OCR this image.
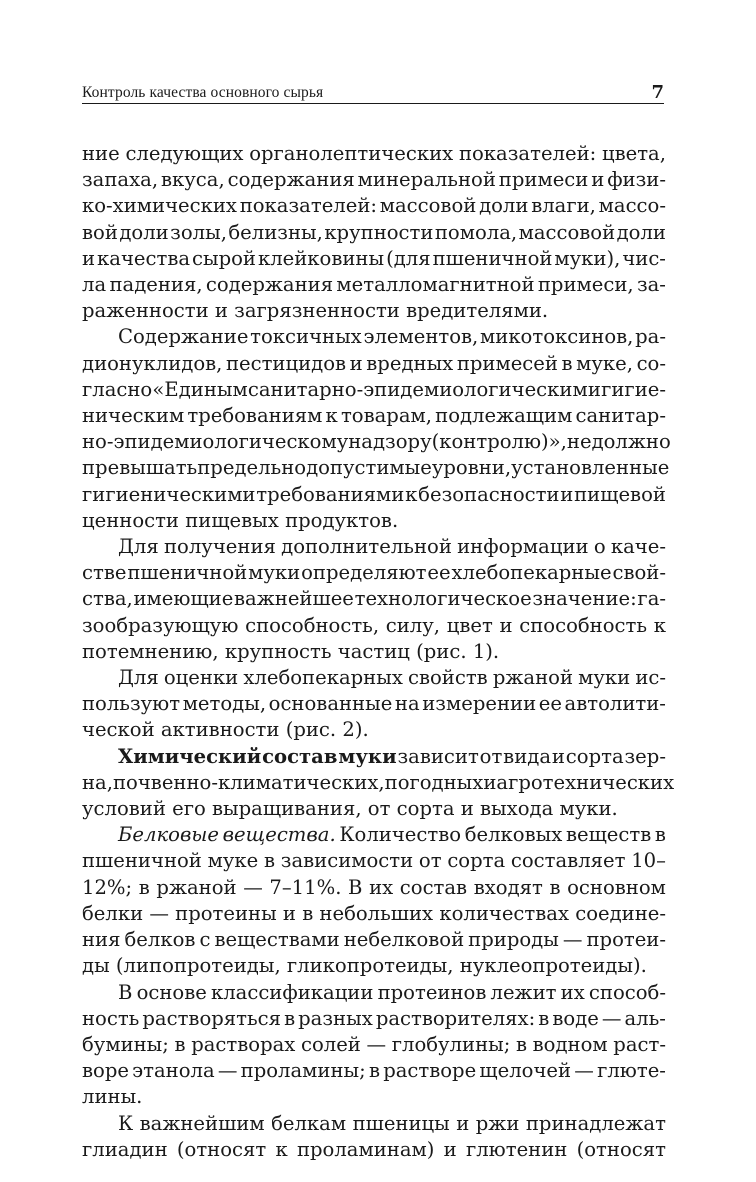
Контроль качества основного сырья	7
ние следующих органолептических показателей: цвета,
запаха, вкуса, содержания минеральной примеси и физи-
ко-химических показателей: массовой доли влаги, массо-
вой доли золы, белизны, крупности помола, массовой доли
и качества сырой клейковины (для пшеничной муки), чис-
ла падения, содержания металломагнитной примеси, за-
раженности и загрязненности вредителями.
Содержание токсичных элементов, микотоксинов, ра-
дионуклидов, пестицидов и вредных примесей в муке, со-
гласно «Единым санитарно-эпидемиологическим и гигие-
ническим требованиям к товарам, подлежащим санитар-
но-эпидемиологическому надзору (контролю)», не должно
превышать предельно допустимые уровни, установленные
гигиеническими требованиями к безопасности и пищевой
ценности пищевых продуктов.
Для получения дополнительной информации о каче-
стве пшеничной муки определяют ее хлебопекарные свой-
ства, имеющие важнейшее технологическое значение: га-
зообразующую способность, силу, цвет и способность к
потемнению, крупность частиц (рис. 1).
Для оценки хлебопекарных свойств ржаной муки ис-
пользуют методы, основанные на измерении ее автолити-
ческой активности (рис. 2).
Химический состав муки зависит от вида и сорта зер-
на, почвенно-климатических, погодных и агротехнических
условий его выращивания, от сорта и выхода муки.
Белковые вещества. Количество белковых веществ в
пшеничной муке в зависимости от сорта составляет 10–
12%; в ржаной — 7–11%. В их состав входят в основном
белки — протеины и в небольших количествах соедине-
ния белков с веществами небелковой природы — протеи-
ды (липопротеиды, гликопротеиды, нуклеопротеиды).
В основе классификации протеинов лежит их способ-
ность растворяться в разных растворителях: в воде — аль-
бумины; в растворах солей — глобулины; в водном раст-
воре этанола — проламины; в растворе щелочей — глюте-
лины.
К важнейшим белкам пшеницы и ржи принадлежат
глиадин (относят к проламинам) и глютенин (относят
